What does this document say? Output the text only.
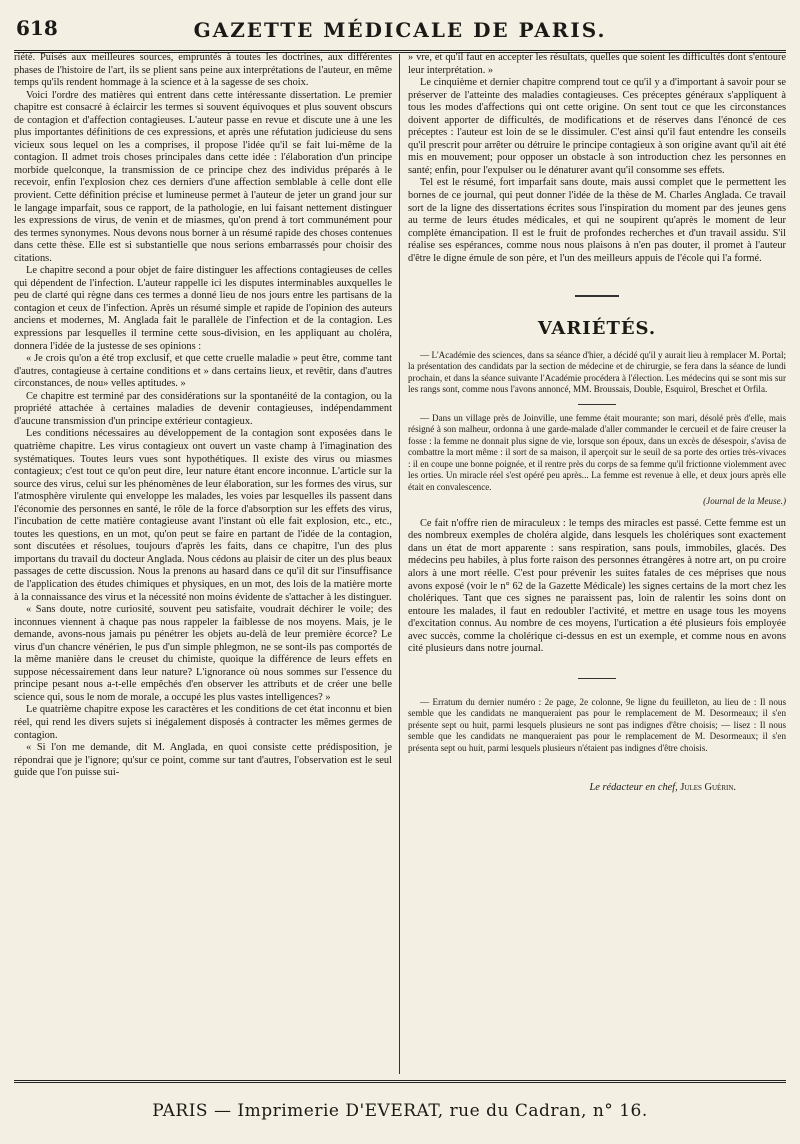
618	GAZETTE MÉDICALE DE PARIS.

riété. Puisés aux meilleures sources, empruntés à toutes les doctrines, aux différentes phases de l'histoire de l'art, ils se plient sans peine aux interprétations de l'auteur, en même temps qu'ils rendent hommage à la science et à la sagesse de ses choix.

Voici l'ordre des matières qui entrent dans cette intéressante dissertation. Le premier chapitre est consacré à éclaircir les termes si souvent équivoques et plus souvent obscurs de contagion et d'affection contagieuses. L'auteur passe en revue et discute une à une les plus importantes définitions de ces expressions, et après une réfutation judicieuse du sens vicieux sous lequel on les a comprises, il propose l'idée qu'il se fait lui-même de la contagion. Il admet trois choses principales dans cette idée : l'élaboration d'un principe morbide quelconque, la transmission de ce principe chez des individus préparés à le recevoir, enfin l'explosion chez ces derniers d'une affection semblable à celle dont elle provient. Cette définition précise et lumineuse permet à l'auteur de jeter un grand jour sur le langage imparfait, sous ce rapport, de la pathologie, en lui faisant nettement distinguer les expressions de virus, de venin et de miasmes, qu'on prend à tort communément pour des termes synonymes. Nous devons nous borner à un résumé rapide des choses contenues dans cette thèse. Elle est si substantielle que nous serions embarrassés pour choisir des citations.

Le chapitre second a pour objet de faire distinguer les affections contagieuses de celles qui dépendent de l'infection. L'auteur rappelle ici les disputes interminables auxquelles le peu de clarté qui règne dans ces termes a donné lieu de nos jours entre les partisans de la contagion et ceux de l'infection. Après un résumé simple et rapide de l'opinion des auteurs anciens et modernes, M. Anglada fait le parallèle de l'infection et de la contagion. Les expressions par lesquelles il termine cette sous-division, en les appliquant au choléra, donnera l'idée de la justesse de ses opinions :

« Je crois qu'on a été trop exclusif, et que cette cruelle maladie » peut être, comme tant d'autres, contagieuse à certaine conditions et » dans certains lieux, et revêtir, dans d'autres circonstances, de nou» velles aptitudes. »

Ce chapitre est terminé par des considérations sur la spontanéité de la contagion, ou la propriété attachée à certaines maladies de devenir contagieuses, indépendamment d'aucune transmission d'un principe extérieur contagieux.

Les conditions nécessaires au développement de la contagion sont exposées dans le quatrième chapitre. Les virus contagieux ont ouvert un vaste champ à l'imagination des systématiques. Toutes leurs vues sont hypothétiques. Il existe des virus ou miasmes contagieux; c'est tout ce qu'on peut dire, leur nature étant encore inconnue. L'article sur la source des virus, celui sur les phénomènes de leur élaboration, sur les formes des virus, sur l'atmosphère virulente qui enveloppe les malades, les voies par lesquelles ils passent dans l'économie des personnes en santé, le rôle de la force d'absorption sur les effets des virus, l'incubation de cette matière contagieuse avant l'instant où elle fait explosion, etc., etc., toutes les questions, en un mot, qu'on peut se faire en partant de l'idée de la contagion, sont discutées et résolues, toujours d'après les faits, dans ce chapitre, l'un des plus importans du travail du docteur Anglada. Nous cédons au plaisir de citer un des plus beaux passages de cette discussion. Nous la prenons au hasard dans ce qu'il dit sur l'insuffisance de l'application des études chimiques et physiques, en un mot, des lois de la matière morte à la connaissance des virus et la nécessité non moins évidente de s'attacher à les distinguer.

« Sans doute, notre curiosité, souvent peu satisfaite, voudrait déchirer le voile; des inconnues viennent à chaque pas nous rappeler la faiblesse de nos moyens. Mais, je le demande, avons-nous jamais pu pénétrer les objets au-delà de leur première écorce? Le virus d'un chancre vénérien, le pus d'un simple phlegmon, ne se sont-ils pas comportés de la même manière dans le creuset du chimiste, quoique la différence de leurs effets en suppose nécessairement dans leur nature? L'ignorance où nous sommes sur l'essence du principe pesant nous a-t-elle empêchés d'en observer les attributs et de créer une belle science qui, sous le nom de morale, a occupé les plus vastes intelligences? »

Le quatrième chapitre expose les caractères et les conditions de cet état inconnu et bien réel, qui rend les divers sujets si inégalement disposés à contracter les mêmes germes de contagion.

« Si l'on me demande, dit M. Anglada, en quoi consiste cette prédisposition, je répondrai que je l'ignore; qu'sur ce point, comme sur tant d'autres, l'observation est le seul guide que l'on puisse sui-

» vre, et qu'il faut en accepter les résultats, quelles que soient les difficultés dont s'entoure leur interprétation. »

Le cinquième et dernier chapitre comprend tout ce qu'il y a d'important à savoir pour se préserver de l'atteinte des maladies contagieuses. Ces préceptes généraux s'appliquent à tous les modes d'affections qui ont cette origine. On sent tout ce que les circonstances doivent apporter de difficultés, de modifications et de réserves dans l'énoncé de ces préceptes : l'auteur est loin de se le dissimuler. C'est ainsi qu'il faut entendre les conseils qu'il prescrit pour arrêter ou détruire le principe contagieux à son origine avant qu'il ait été mis en mouvement; pour opposer un obstacle à son introduction chez les personnes en santé; enfin, pour l'expulser ou le dénaturer avant qu'il consomme ses effets.

Tel est le résumé, fort imparfait sans doute, mais aussi complet que le permettent les bornes de ce journal, qui peut donner l'idée de la thèse de M. Charles Anglada. Ce travail sort de la ligne des dissertations écrites sous l'inspiration du moment par des jeunes gens au terme de leurs études médicales, et qui ne soupirent qu'après le moment de leur complète émancipation. Il est le fruit de profondes recherches et d'un travail assidu. S'il réalise ses espérances, comme nous nous plaisons à n'en pas douter, il promet à l'auteur d'être le digne émule de son père, et l'un des meilleurs appuis de l'école qui l'a formé.

VARIÉTÉS.

— L'Académie des sciences, dans sa séance d'hier, a décidé qu'il y aurait lieu à remplacer M. Portal; la présentation des candidats par la section de médecine et de chirurgie, se fera dans la séance de lundi prochain, et dans la séance suivante l'Académie procédera à l'élection. Les médecins qui se sont mis sur les rangs sont, comme nous l'avons annoncé, MM. Broussais, Double, Esquirol, Breschet et Orfila.

— Dans un village près de Joinville, une femme était mourante; son mari, désolé près d'elle, mais résigné à son malheur, ordonna à une garde-malade d'aller commander le cercueil et de faire creuser la fosse : la femme ne donnait plus signe de vie, lorsque son époux, dans un excès de désespoir, s'avisa de combattre la mort même : il sort de sa maison, il aperçoit sur le seuil de sa porte des orties très-vivaces : il en coupe une bonne poignée, et il rentre près du corps de sa femme qu'il frictionne violemment avec les orties. Un miracle réel s'est opéré peu après... La femme est revenue à elle, et deux jours après elle était en convalescence.

(Journal de la Meuse.)

Ce fait n'offre rien de miraculeux : le temps des miracles est passé. Cette femme est un des nombreux exemples de choléra algide, dans lesquels les cholériques sont exactement dans un état de mort apparente : sans respiration, sans pouls, immobiles, glacés. Des médecins peu habiles, à plus forte raison des personnes étrangères à notre art, on pu croire alors à une mort réelle. C'est pour prévenir les suites fatales de ces méprises que nous avons exposé (voir le n° 62 de la Gazette Médicale) les signes certains de la mort chez les cholériques. Tant que ces signes ne paraissent pas, loin de ralentir les soins dont on entoure les malades, il faut en redoubler l'activité, et mettre en usage tous les moyens d'excitation connus. Au nombre de ces moyens, l'urtication a été plusieurs fois employée avec succès, comme la cholérique ci-dessus en est un exemple, et comme nous en avons cité plusieurs dans notre journal.

— Erratum du dernier numéro : 2e page, 2e colonne, 9e ligne du feuilleton, au lieu de : Il nous semble que les candidats ne manqueraient pas pour le remplacement de M. Desormeaux; il s'en présente sept ou huit, parmi lesquels plusieurs ne sont pas indignes d'être choisis; — lisez : Il nous semble que les candidats ne manqueraient pas pour le remplacement de M. Desormeaux; il s'en présenta sept ou huit, parmi lesquels plusieurs n'étaient pas indignes d'être choisis.

Le rédacteur en chef, Jules Guérin.
PARIS — Imprimerie D'EVERAT, rue du Cadran, n° 16.
